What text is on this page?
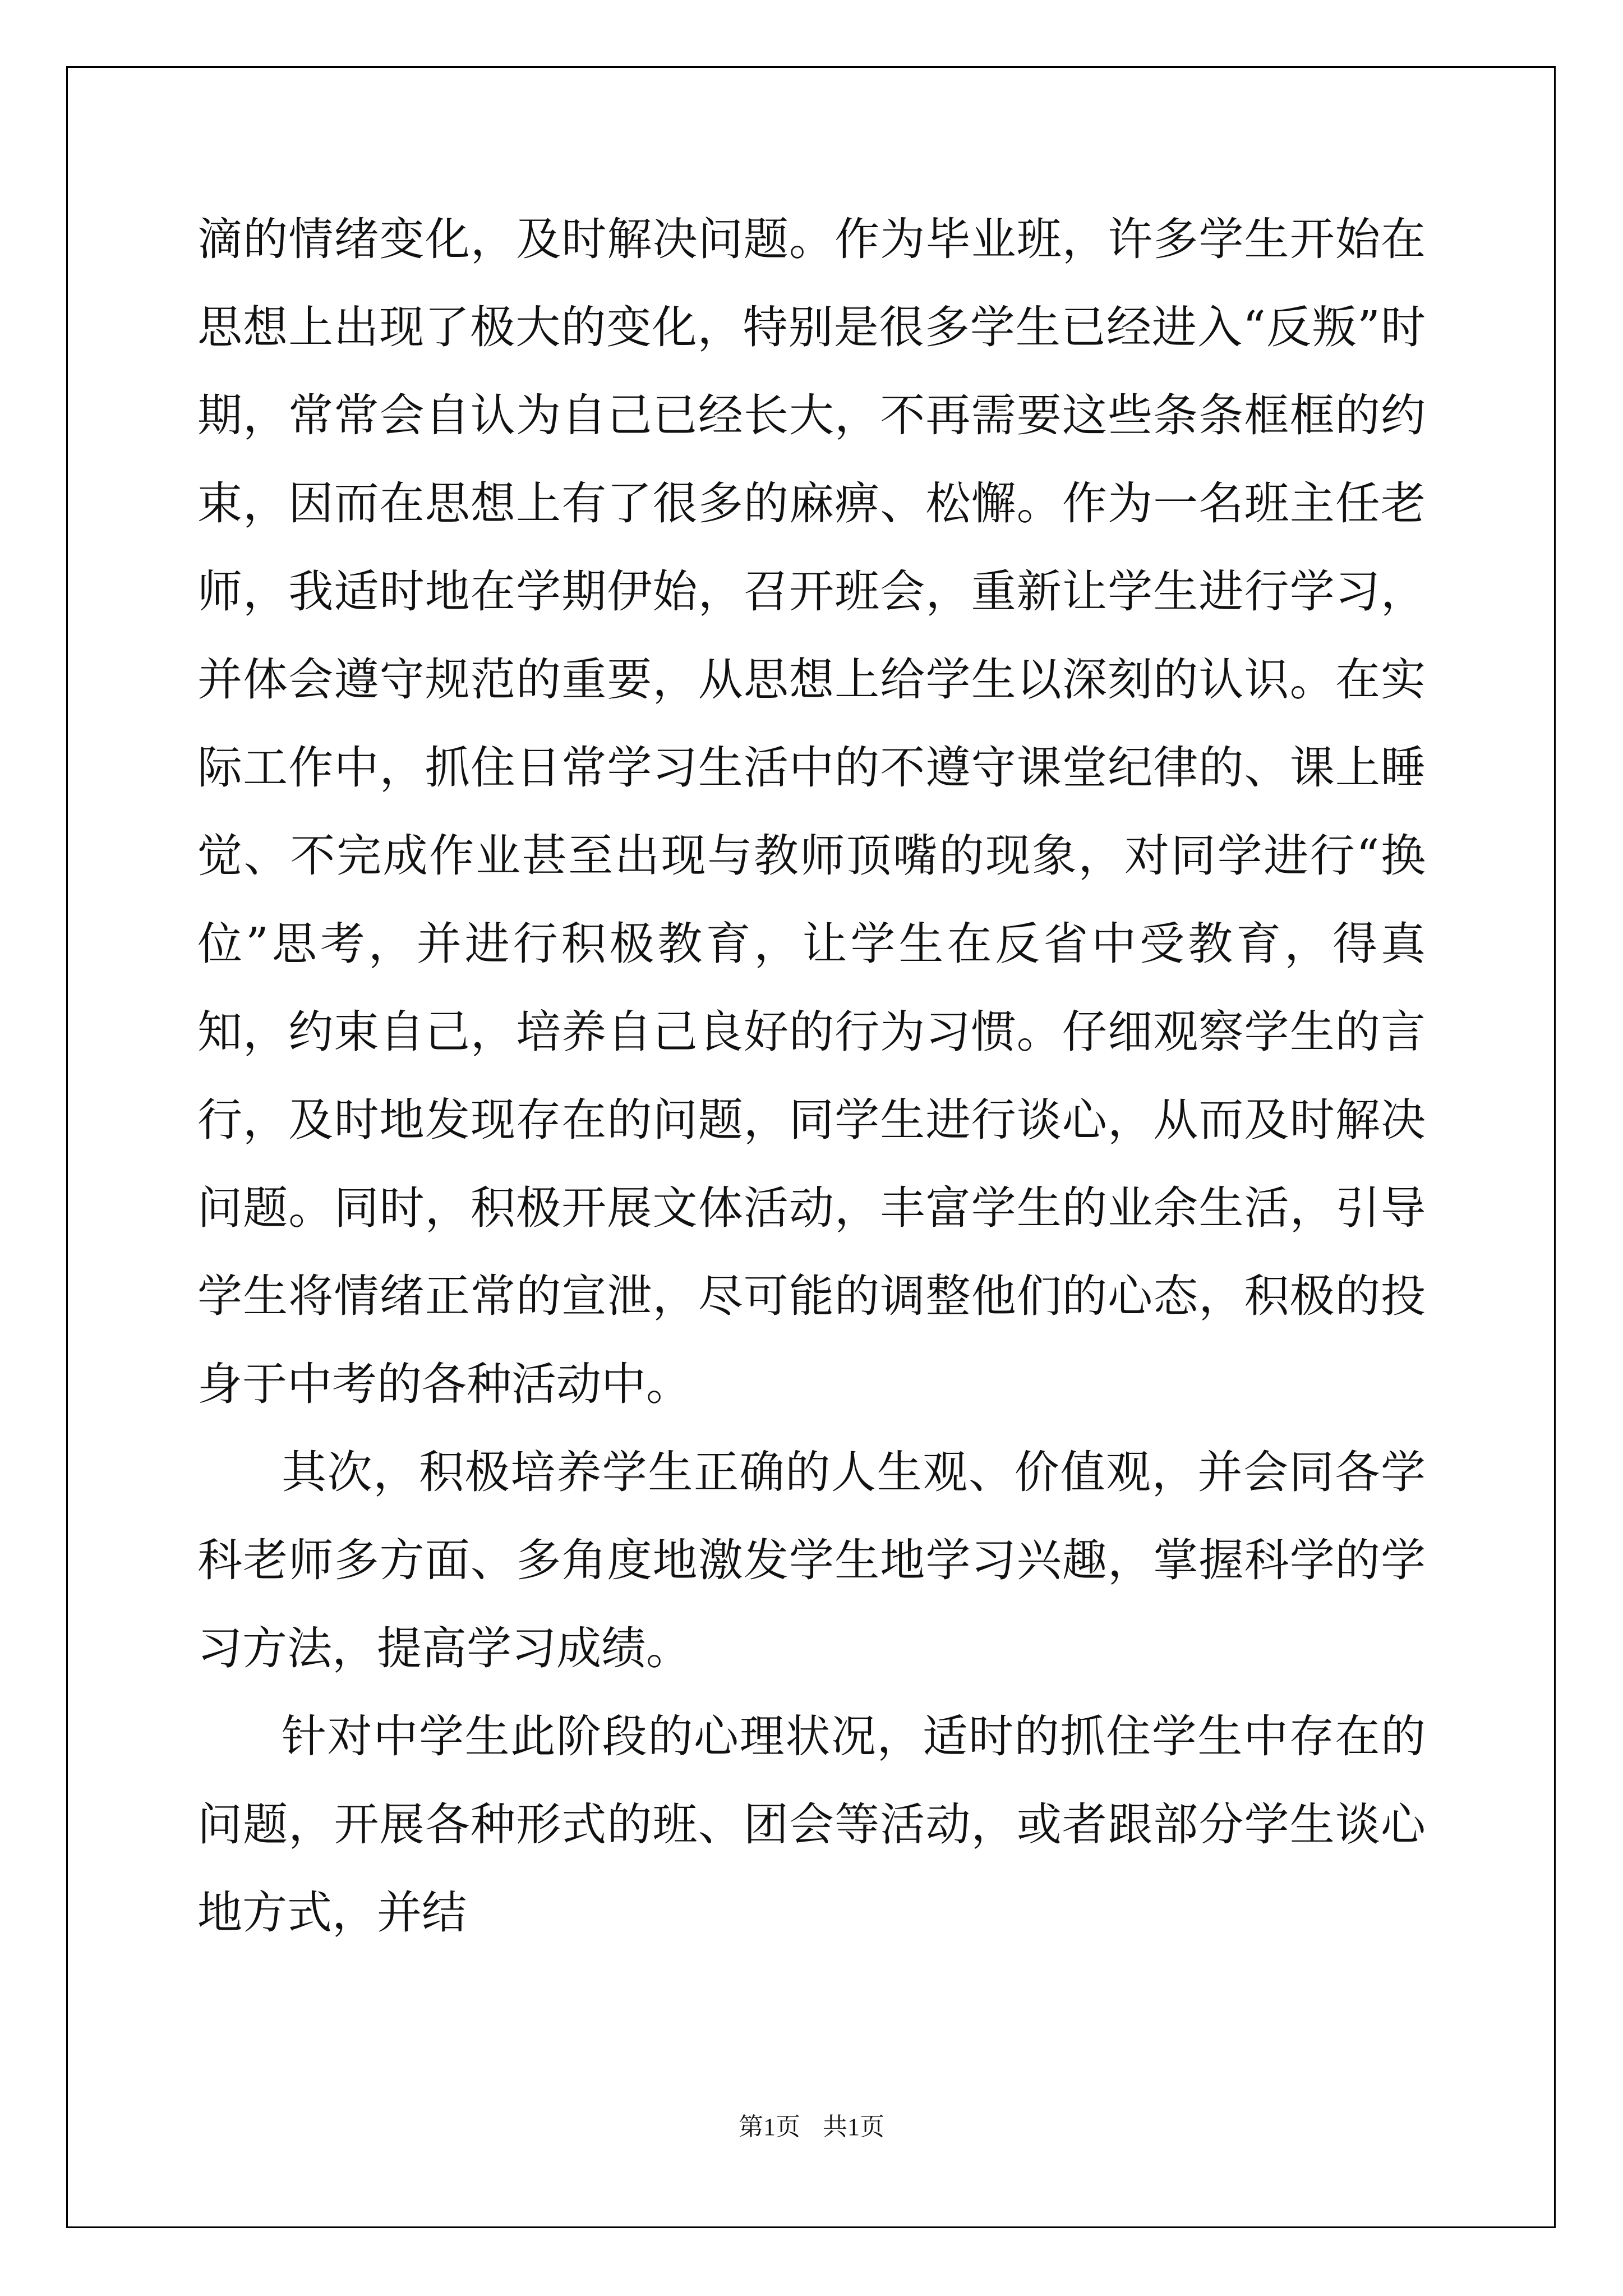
滴的情绪变化，及时解决问题。作为毕业班，许多学生开始在思想上出现了极大的变化，特别是很多学生已经进入“反叛”时期，常常会自认为自己已经长大，不再需要这些条条框框的约束，因而在思想上有了很多的麻痹、松懈。作为一名班主任老师，我适时地在学期伊始，召开班会，重新让学生进行学习，并体会遵守规范的重要，从思想上给学生以深刻的认识。在实际工作中，抓住日常学习生活中的不遵守课堂纪律的、课上睡觉、不完成作业甚至出现与教师顶嘴的现象，对同学进行“换位”思考，并进行积极教育，让学生在反省中受教育，得真知，约束自己，培养自己良好的行为习惯。仔细观察学生的言行，及时地发现存在的问题，同学生进行谈心，从而及时解决问题。同时，积极开展文体活动，丰富学生的业余生活，引导学生将情绪正常的宣泄，尽可能的调整他们的心态，积极的投身于中考的各种活动中。

其次，积极培养学生正确的人生观、价值观，并会同各学科老师多方面、多角度地激发学生地学习兴趣，掌握科学的学习方法，提高学习成绩。

针对中学生此阶段的心理状况，适时的抓住学生中存在的问题，开展各种形式的班、团会等活动，或者跟部分学生谈心地方式，并结

第1页 共1页
